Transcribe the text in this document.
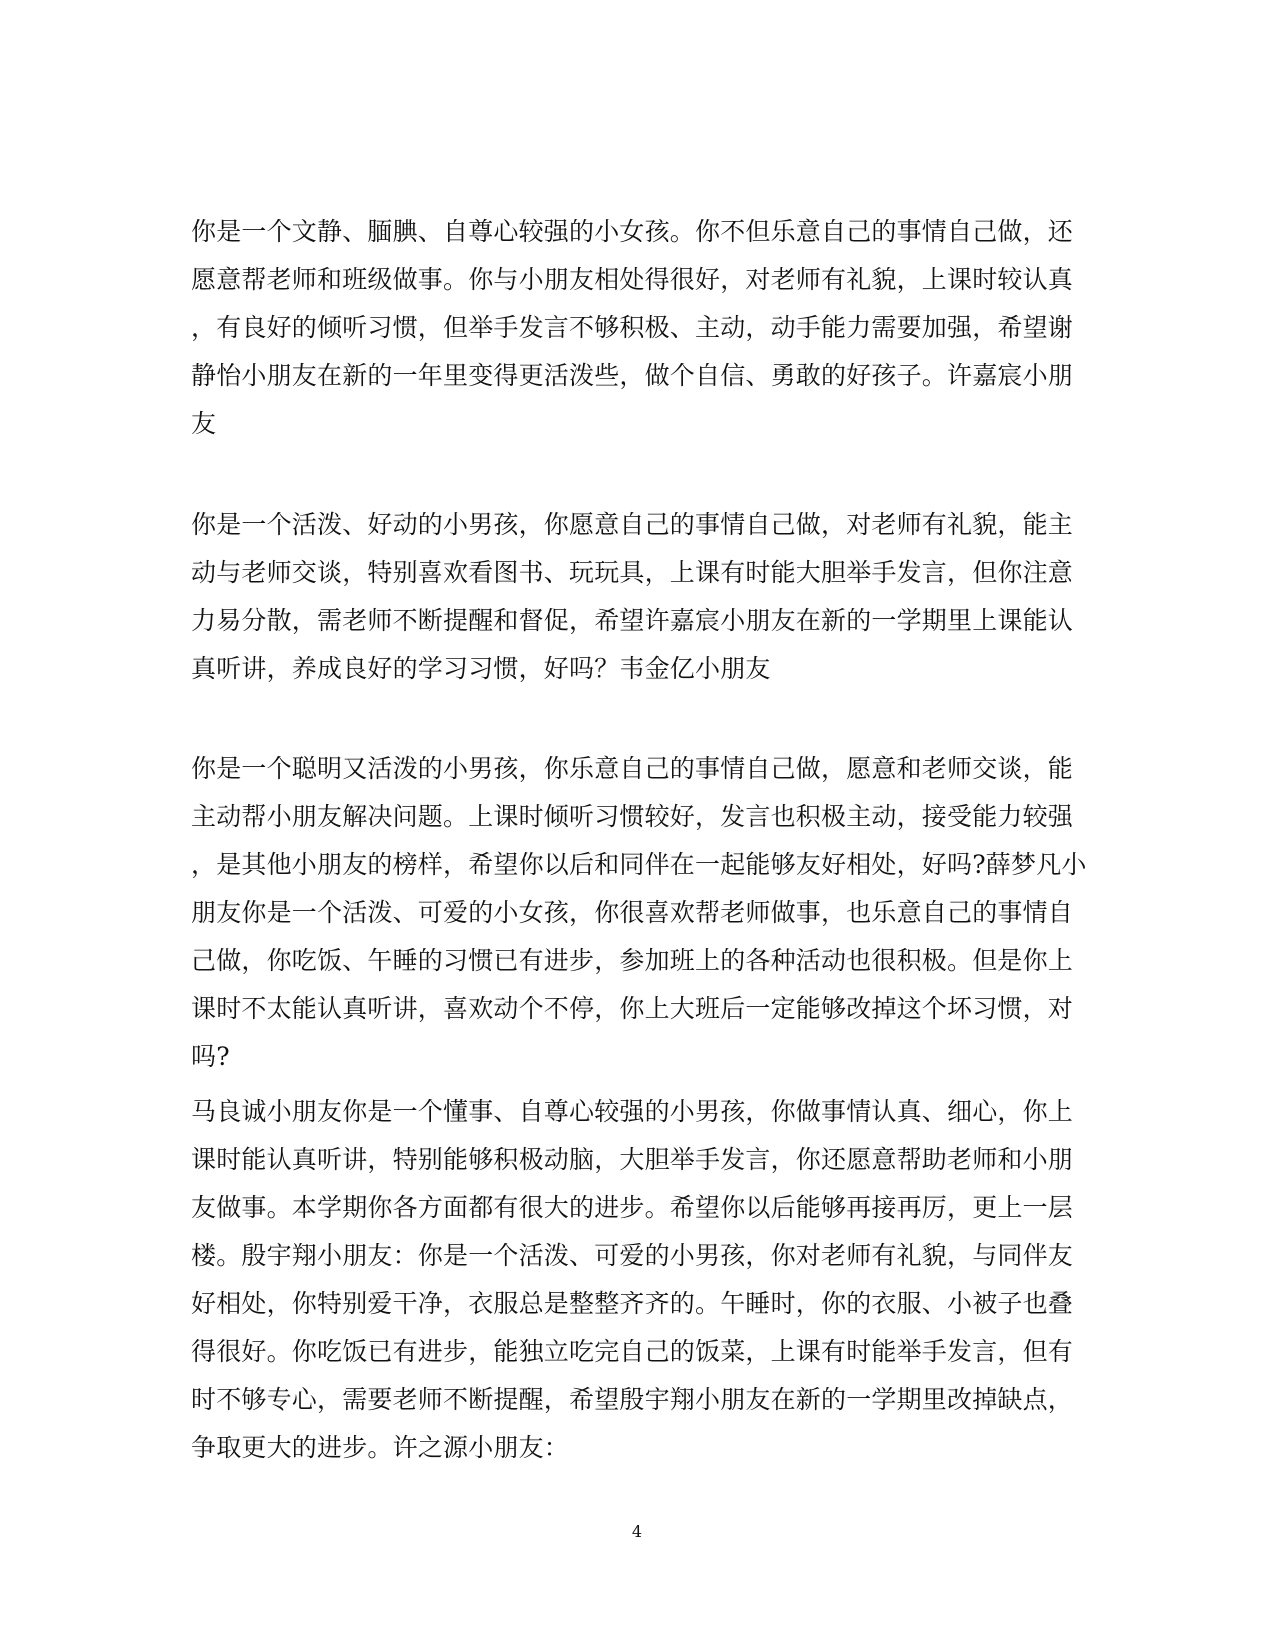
你是一个文静、腼腆、自尊心较强的小女孩。你不但乐意自己的事情自己做，还
愿意帮老师和班级做事。你与小朋友相处得很好，对老师有礼貌，上课时较认真
，有良好的倾听习惯，但举手发言不够积极、主动，动手能力需要加强，希望谢
静怡小朋友在新的一年里变得更活泼些，做个自信、勇敢的好孩子。许嘉宸小朋
友
你是一个活泼、好动的小男孩，你愿意自己的事情自己做，对老师有礼貌，能主
动与老师交谈，特别喜欢看图书、玩玩具，上课有时能大胆举手发言，但你注意
力易分散，需老师不断提醒和督促，希望许嘉宸小朋友在新的一学期里上课能认
真听讲，养成良好的学习习惯，好吗？韦金亿小朋友
你是一个聪明又活泼的小男孩，你乐意自己的事情自己做，愿意和老师交谈，能
主动帮小朋友解决问题。上课时倾听习惯较好，发言也积极主动，接受能力较强
，是其他小朋友的榜样，希望你以后和同伴在一起能够友好相处，好吗?薛梦凡小
朋友你是一个活泼、可爱的小女孩，你很喜欢帮老师做事，也乐意自己的事情自
己做，你吃饭、午睡的习惯已有进步，参加班上的各种活动也很积极。但是你上
课时不太能认真听讲，喜欢动个不停，你上大班后一定能够改掉这个坏习惯，对
吗?
马良诚小朋友你是一个懂事、自尊心较强的小男孩，你做事情认真、细心，你上
课时能认真听讲，特别能够积极动脑，大胆举手发言，你还愿意帮助老师和小朋
友做事。本学期你各方面都有很大的进步。希望你以后能够再接再厉，更上一层
楼。殷宇翔小朋友：你是一个活泼、可爱的小男孩，你对老师有礼貌，与同伴友
好相处，你特别爱干净，衣服总是整整齐齐的。午睡时，你的衣服、小被子也叠
得很好。你吃饭已有进步，能独立吃完自己的饭菜，上课有时能举手发言，但有
时不够专心，需要老师不断提醒，希望殷宇翔小朋友在新的一学期里改掉缺点，
争取更大的进步。许之源小朋友：
4
